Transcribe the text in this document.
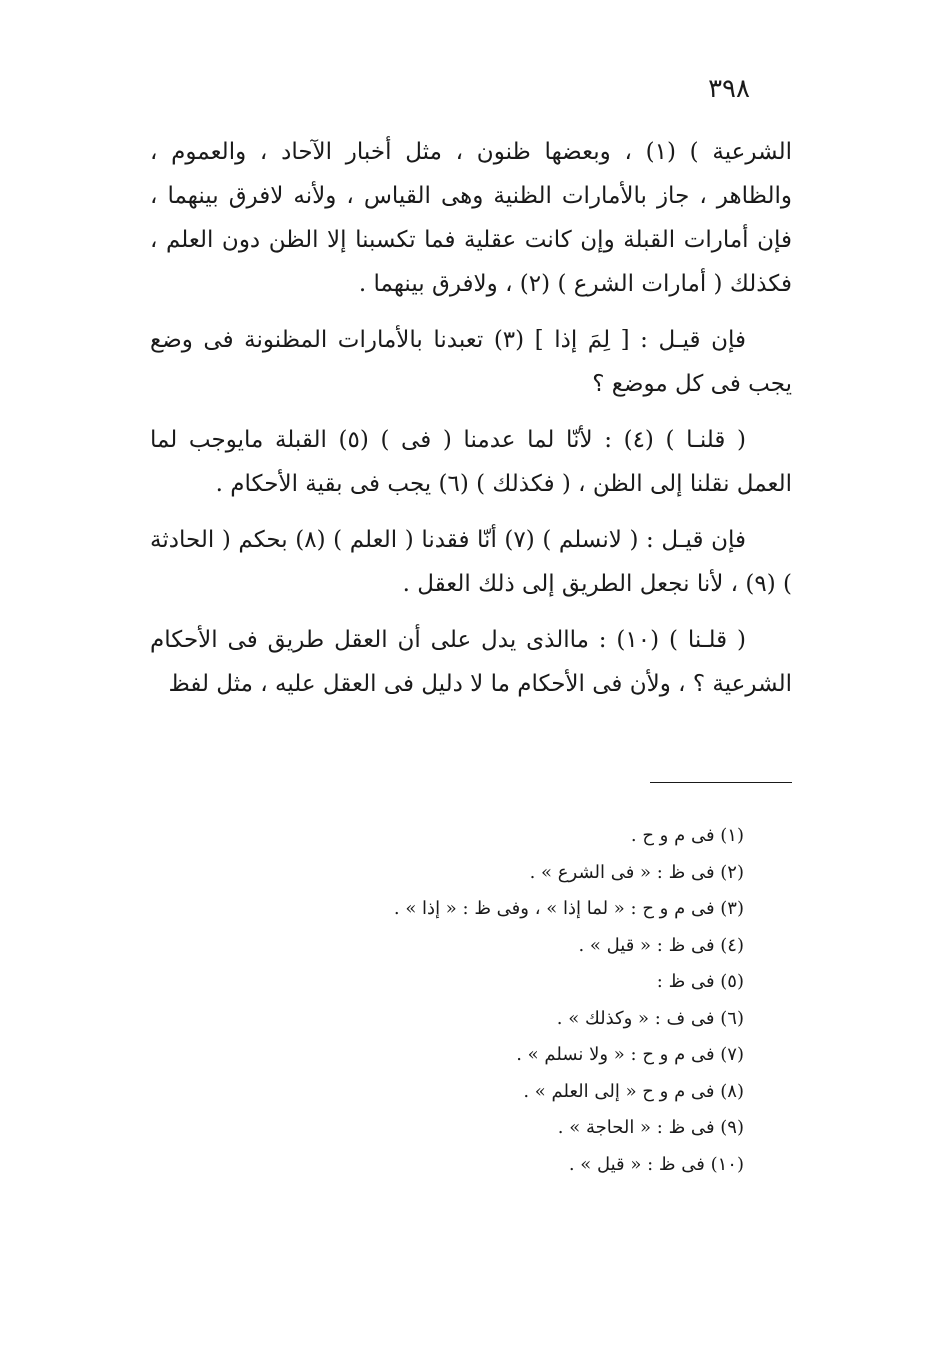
٣٩٨

الشرعية ) (١) ، وبعضها ظنون ، مثل أخبار الآحاد ، والعموم ، والظاهر ، جاز بالأمارات الظنية وهى القياس ، ولأنه لافرق بينهما ، فإن أمارات القبلة وإن كانت عقلية فما تكسبنا إلا الظن دون العلم ، فكذلك ( أمارات الشرع ) (٢) ، ولافرق بينهما .

فإن قيـل : [ لِمَ إذا ] (٣) تعبدنا بالأمارات المظنونة فى وضع يجب فى كل موضع ؟

( قلنـا ) (٤) : لأنّا لما عدمنا ( فى ) (٥) القبلة مايوجب لما العمل نقلنا إلى الظن ، ( فكذلك ) (٦) يجب فى بقية الأحكام .

فإن قيـل : ( لانسلم ) (٧) أنّا فقدنا ( العلم ) (٨) بحكم ( الحادثة ) (٩) ، لأنا نجعل الطريق إلى ذلك العقل .

( قلـنا ) (١٠) : ماالذى يدل على أن العقل طريق فى الأحكام الشرعية ؟ ، ولأن فى الأحكام ما لا دليل فى العقل عليه ، مثل لفظ

(١) فى م و ح .
(٢) فى ظ : « فى الشرع » .
(٣) فى م و ح : « لما إذا » ، وفى ظ : « إذا » .
(٤) فى ظ : « قيل » .
(٥) فى ظ :
(٦) فى ف : « وكذلك » .
(٧) فى م و ح : « ولا نسلم » .
(٨) فى م و ح « إلى العلم » .
(٩) فى ظ : « الحاجة » .
(١٠) فى ظ : « قيل » .
